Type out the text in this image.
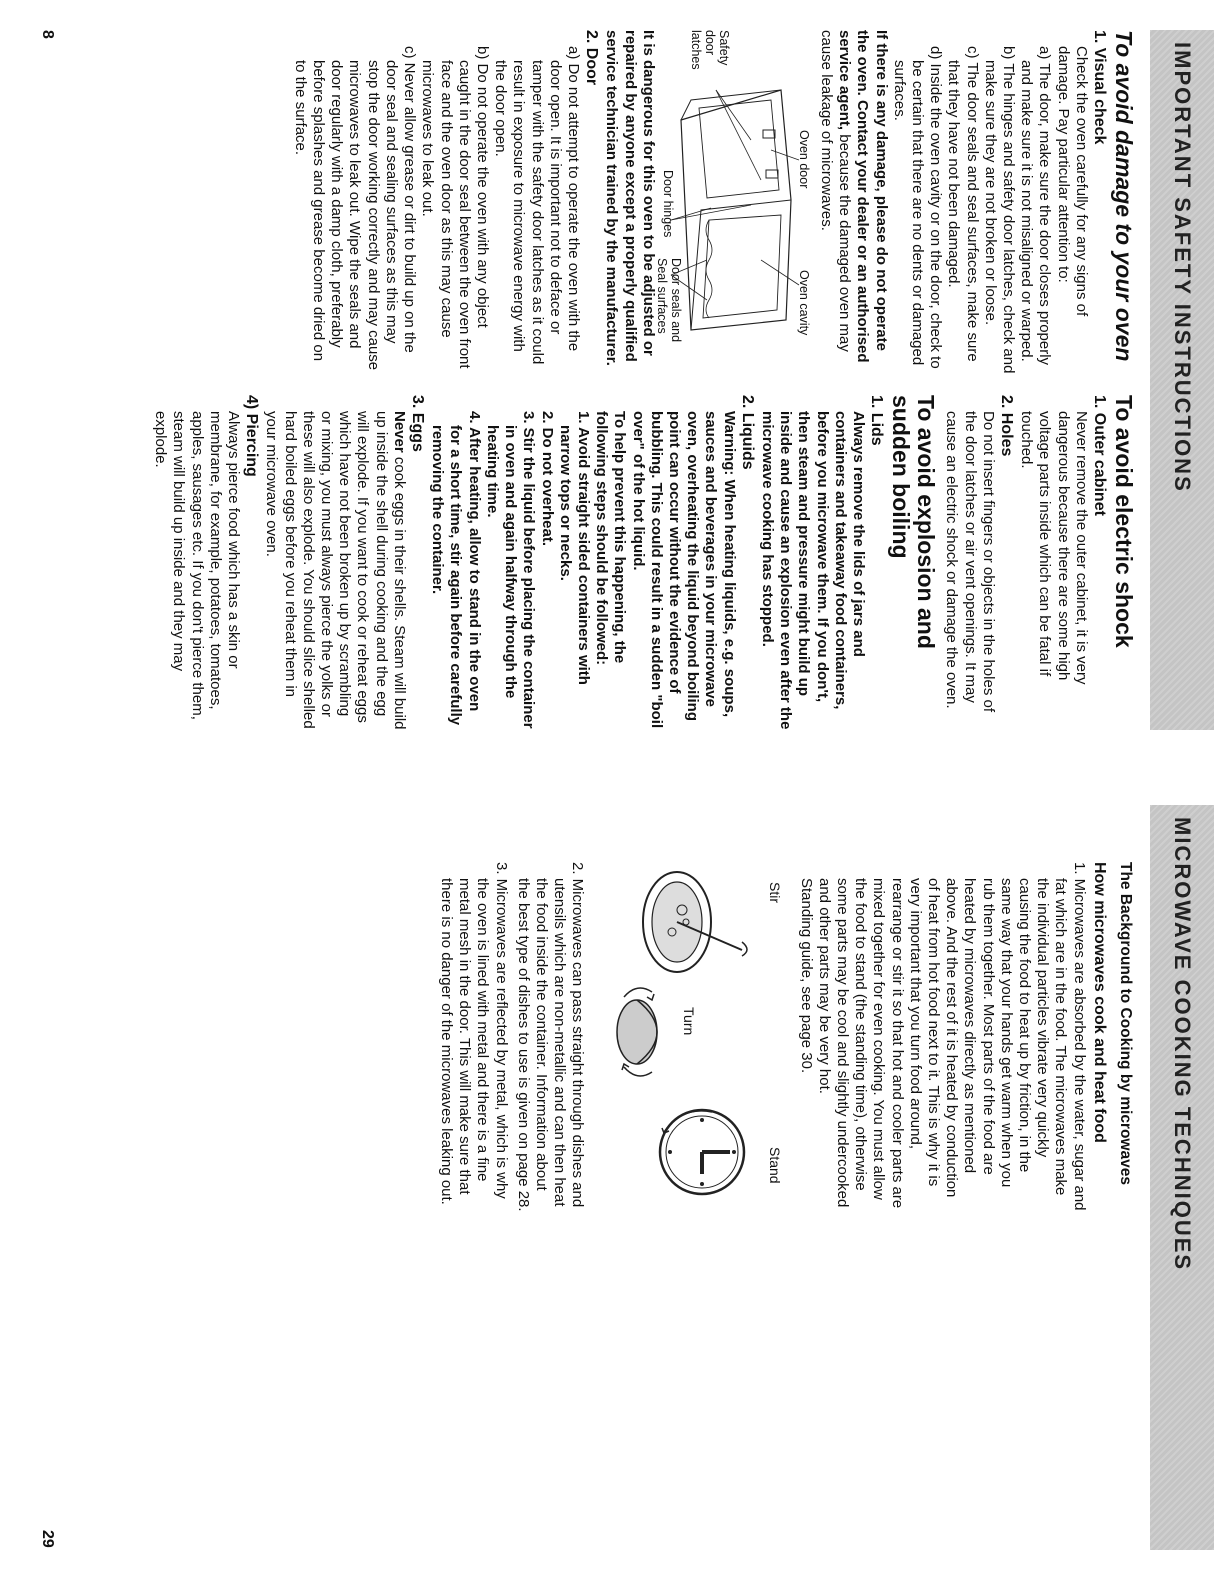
IMPORTANT SAFETY INSTRUCTIONS
To avoid damage to your oven
1. Visual check

Check the oven carefully for any signs of damage. Pay particular attention to:

a) The door, make sure the door closes properly and make sure it is not misaligned or warped.

b) The hinges and safety door latches, check and make sure they are not broken or loose.

c) The door seals and seal surfaces, make sure that they have not been damaged.

d) Inside the oven cavity or on the door, check to be certain that there are no dents or damaged surfaces.

If there is any damage, please do not operate the oven. Contact your dealer or an authorised service agent, because the damaged oven may cause leakage of microwaves.

Oven door
Oven cavity
Safety door latches
Door hinges
Door seals and Seal surfaces

It is dangerous for this oven to be adjusted or repaired by anyone except a properly qualified service technician trained by the manufacturer.

2. Door

a) Do not attempt to operate the oven with the door open. It is important not to deface or tamper with the safety door latches as it could result in exposure to microwave energy with the door open.

b) Do not operate the oven with any object caught in the door seal between the oven front face and the oven door as this may cause microwaves to leak out.

c) Never allow grease or dirt to build up on the door seal and sealing surfaces as this may stop the door working correctly and may cause microwaves to leak out. Wipe the seals and door regularly with a damp cloth, preferably before splashes and grease become dried on to the surface.

To avoid electric shock
1. Outer cabinet

Never remove the outer cabinet, it is very dangerous because there are some high voltage parts inside which can be fatal if touched.

2. Holes

Do not insert fingers or objects in the holes of the door latches or air vent openings. It may cause an electric shock or damage the oven.

To avoid explosion and sudden boiling
1. Lids

Always remove the lids of jars and containers and takeaway food containers, before you microwave them. If you don't, then steam and pressure might build up inside and cause an explosion even after the microwave cooking has stopped.

2. Liquids

Warning: When heating liquids, e.g. soups, sauces and beverages in your microwave oven, overheating the liquid beyond boiling point can occur without the evidence of bubbling. This could result in a sudden "boil over" of the hot liquid.

To help prevent this happening, the following steps should be followed:

1. Avoid straight sided containers with narrow tops or necks.

2. Do not overheat.

3. Stir the liquid before placing the container in oven and again halfway through the heating time.

4. After heating, allow to stand in the oven for a short time, stir again before carefully removing the container.

3. Eggs

Never cook eggs in their shells. Steam will build up inside the shell during cooking and the egg will explode. If you want to cook or reheat eggs which have not been broken up by scrambling or mixing, you must always pierce the yolks or these will also explode. You should slice shelled hard boiled eggs before you reheat them in your microwave oven.

4) Piercing

Always pierce food which has a skin or membrane, for example, potatoes, tomatoes, apples, sausages etc. If you don't pierce them, steam will build up inside and they may explode.

8
MICROWAVE COOKING TECHNIQUES
The Background to Cooking by microwaves
How microwaves cook and heat food

1. Microwaves are absorbed by the water, sugar and fat which are in the food. The microwaves make the individual particles vibrate very quickly causing the food to heat up by friction, in the same way that your hands get warm when you rub them together. Most parts of the food are heated by microwaves directly as mentioned above. And the rest of it is heated by conduction of heat from hot food next to it. This is why it is very important that you turn food around, rearrange or stir it so that hot and cooler parts are mixed together for even cooking. You must allow the food to stand (the standing time), otherwise some parts may be cool and slightly undercooked and other parts may be very hot.

Standing guide, see page 30.

Stir
Turn
Stand

2. Microwaves can pass straight through dishes and utensils which are non-metallic and can then heat the food inside the container. Information about the best type of dishes to use is given on page 28.

3. Microwaves are reflected by metal, which is why the oven is lined with metal and there is a fine metal mesh in the door. This will make sure that there is no danger of the microwaves leaking out.

29
